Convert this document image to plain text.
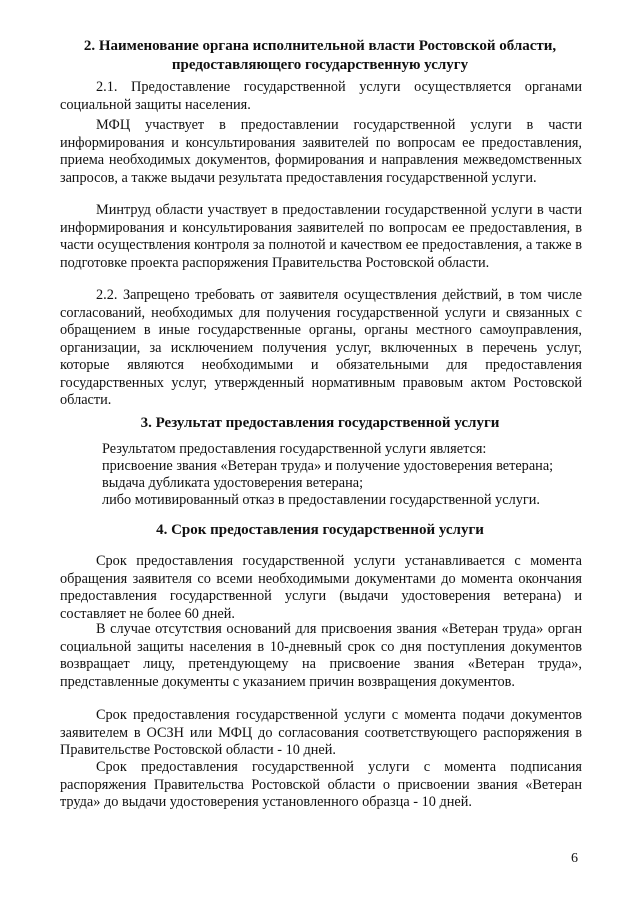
2. Наименование органа исполнительной власти Ростовской области, предоставляющего государственную услугу
2.1. Предоставление государственной услуги осуществляется органами социальной защиты населения.
МФЦ участвует в предоставлении государственной услуги в части информирования и консультирования заявителей по вопросам ее предоставления, приема необходимых документов, формирования и направления межведомственных запросов, а также выдачи результата предоставления государственной услуги.
Минтруд области участвует в предоставлении государственной услуги в части информирования и консультирования заявителей по вопросам ее предоставления, в части осуществления контроля за полнотой и качеством ее предоставления, а также в подготовке проекта распоряжения Правительства Ростовской области.
2.2. Запрещено требовать от заявителя осуществления действий, в том числе согласований, необходимых для получения государственной услуги и связанных с обращением в иные государственные органы, органы местного самоуправления, организации, за исключением получения услуг, включенных в перечень услуг, которые являются необходимыми и обязательными для предоставления государственных услуг, утвержденный нормативным правовым актом Ростовской области.
3. Результат предоставления государственной услуги
Результатом предоставления государственной услуги является:
присвоение звания «Ветеран труда» и получение удостоверения ветерана;
выдача дубликата удостоверения ветерана;
либо мотивированный отказ в предоставлении государственной услуги.
4. Срок предоставления государственной услуги
Срок предоставления государственной услуги устанавливается с момента обращения заявителя со всеми необходимыми документами до момента окончания предоставления государственной услуги (выдачи удостоверения ветерана) и составляет не более 60 дней.
В случае отсутствия оснований для присвоения звания «Ветеран труда» орган социальной защиты населения в 10-дневный срок со дня поступления документов возвращает лицу, претендующему на присвоение звания «Ветеран труда», представленные документы с указанием причин возвращения документов.
Срок предоставления государственной услуги с момента подачи документов заявителем в ОСЗН или МФЦ до согласования соответствующего распоряжения в Правительстве Ростовской области - 10 дней.
Срок предоставления государственной услуги с момента подписания распоряжения Правительства Ростовской области о присвоении звания «Ветеран труда» до выдачи удостоверения установленного образца - 10 дней.
6
